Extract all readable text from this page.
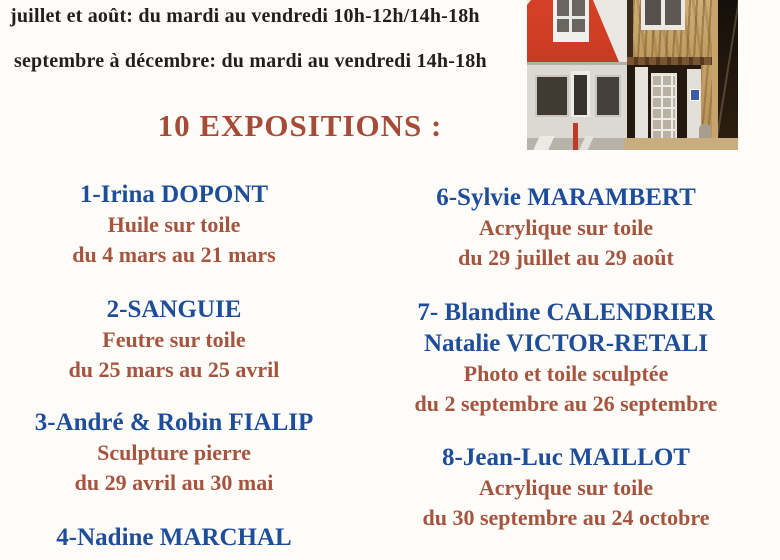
juillet et août: du mardi au vendredi 10h-12h/14h-18h
septembre à décembre: du mardi au vendredi 14h-18h
10 EXPOSITIONS :
1-Irina DOPONT
Huile sur toile
du 4 mars au 21 mars
2-SANGUIE
Feutre sur toile
du 25 mars au 25 avril
3-André & Robin FIALIP
Sculpture pierre
du 29 avril au 30 mai
4-Nadine MARCHAL
6-Sylvie MARAMBERT
Acrylique sur toile
du 29 juillet au 29 août
7- Blandine CALENDRIER
Natalie VICTOR-RETALI
Photo et toile sculptée
du 2 septembre au 26 septembre
8-Jean-Luc MAILLOT
Acrylique sur toile
du 30 septembre au 24 octobre
